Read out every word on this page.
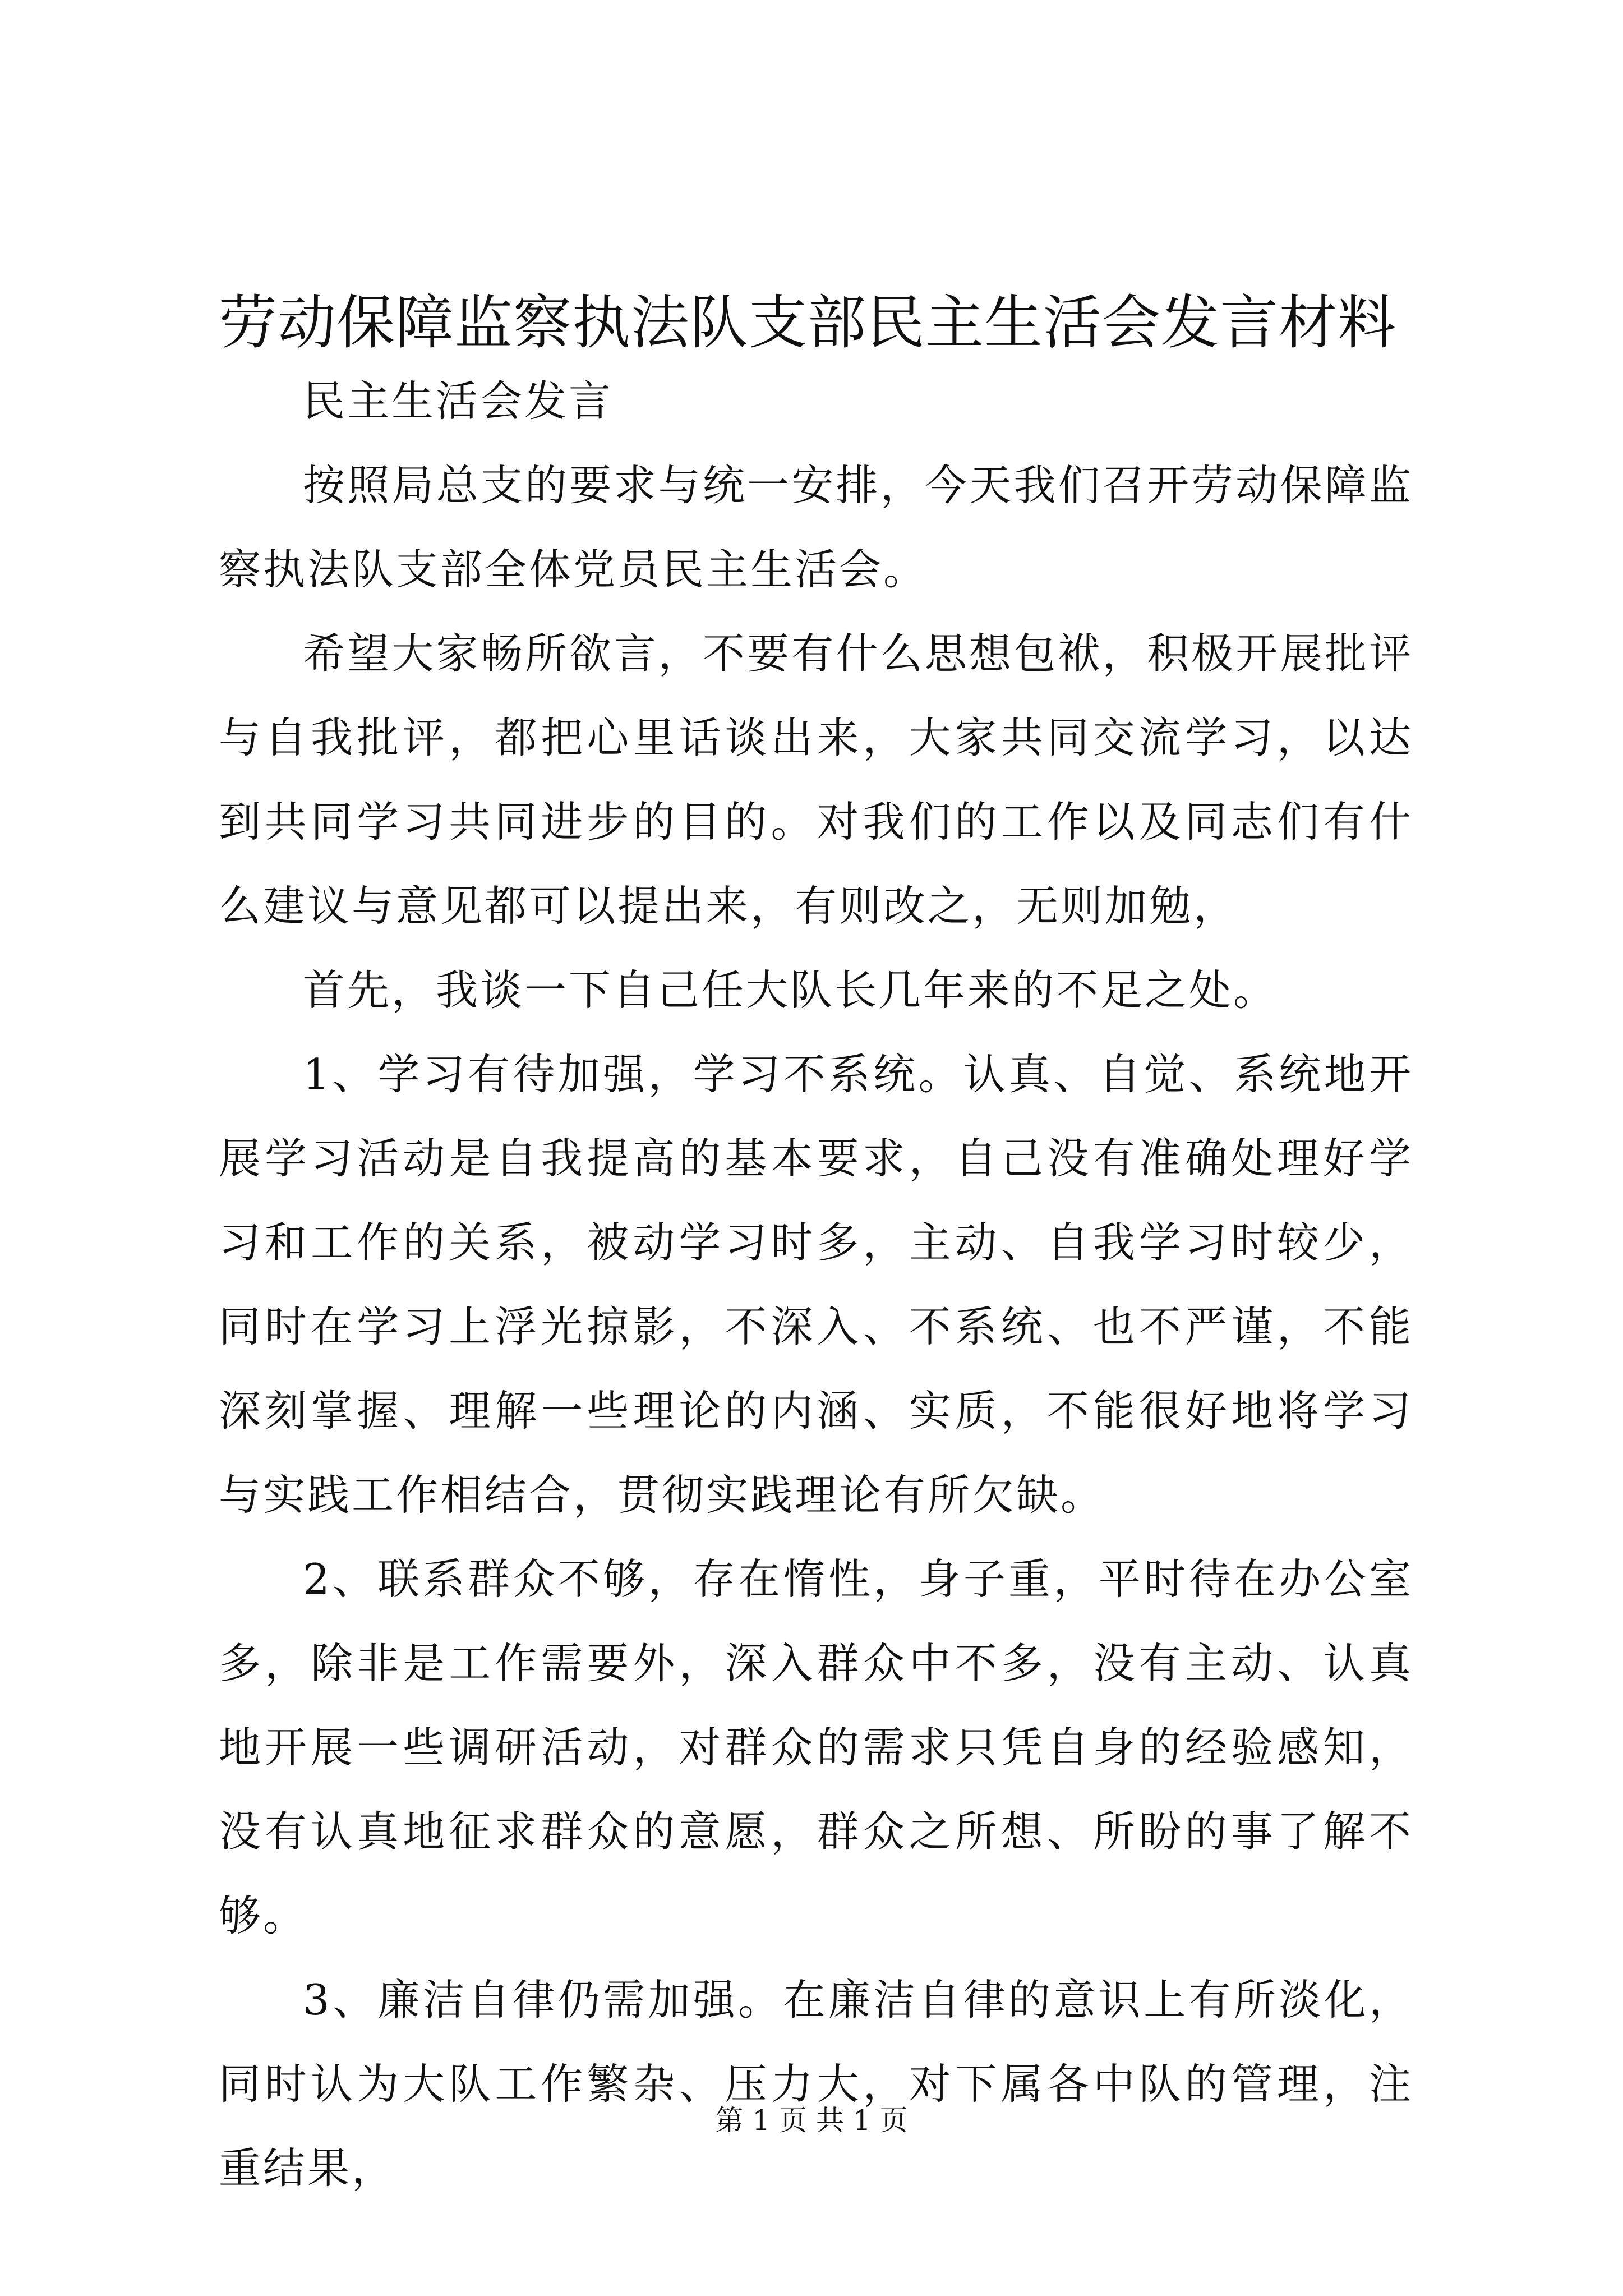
劳动保障监察执法队支部民主生活会发言材料

民主生活会发言

按照局总支的要求与统一安排，今天我们召开劳动保障监察执法队支部全体党员民主生活会。

希望大家畅所欲言，不要有什么思想包袱，积极开展批评与自我批评，都把心里话谈出来，大家共同交流学习，以达到共同学习共同进步的目的。对我们的工作以及同志们有什么建议与意见都可以提出来，有则改之，无则加勉，

首先，我谈一下自己任大队长几年来的不足之处。

1、学习有待加强，学习不系统。认真、自觉、系统地开展学习活动是自我提高的基本要求，自己没有准确处理好学习和工作的关系，被动学习时多，主动、自我学习时较少，同时在学习上浮光掠影，不深入、不系统、也不严谨，不能深刻掌握、理解一些理论的内涵、实质，不能很好地将学习与实践工作相结合，贯彻实践理论有所欠缺。

2、联系群众不够，存在惰性，身子重，平时待在办公室多，除非是工作需要外，深入群众中不多，没有主动、认真地开展一些调研活动，对群众的需求只凭自身的经验感知，没有认真地征求群众的意愿，群众之所想、所盼的事了解不够。

3、廉洁自律仍需加强。在廉洁自律的意识上有所淡化，同时认为大队工作繁杂、压力大，对下属各中队的管理，注重结果，

第 1 页 共 1 页
